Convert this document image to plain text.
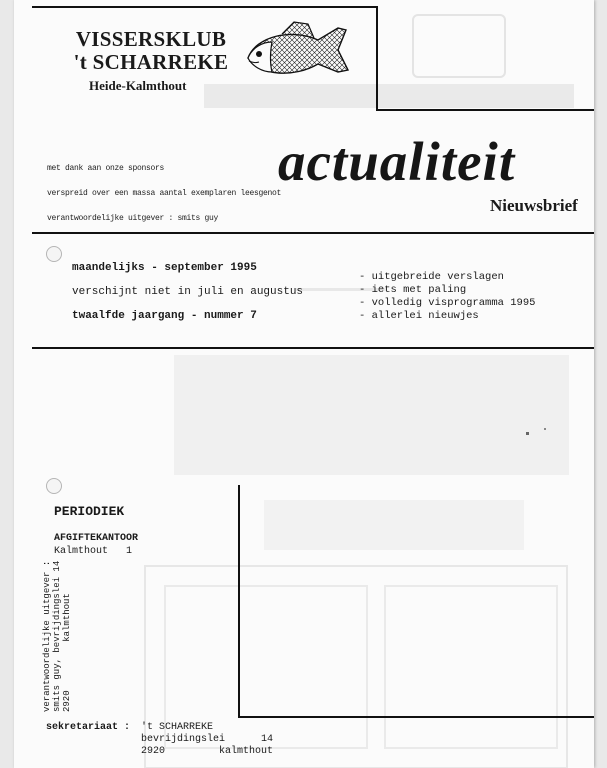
VISSERSKLUB
't SCHARREKE
Heide-Kalmthout
met dank aan onze sponsors
verspreid over een massa aantal exemplaren leesgenot
verantwoordelijke uitgever : smits guy
actualiteit
Nieuwsbrief
maandelijks - september 1995
verschijnt niet in juli en augustus
twaalfde jaargang - nummer 7
- uitgebreide verslagen
- iets met paling
- volledig visprogramma 1995
- allerlei nieuwjes
PERIODIEK
AFGIFTEKANTOOR
Kalmthout   1
verantwoordelijke uitgever :
smits guy, bevrijdingslei 14
2920         kalmthout
sekretariaat : 't SCHARREKE
bevrijdingslei      14
2920         kalmthout
